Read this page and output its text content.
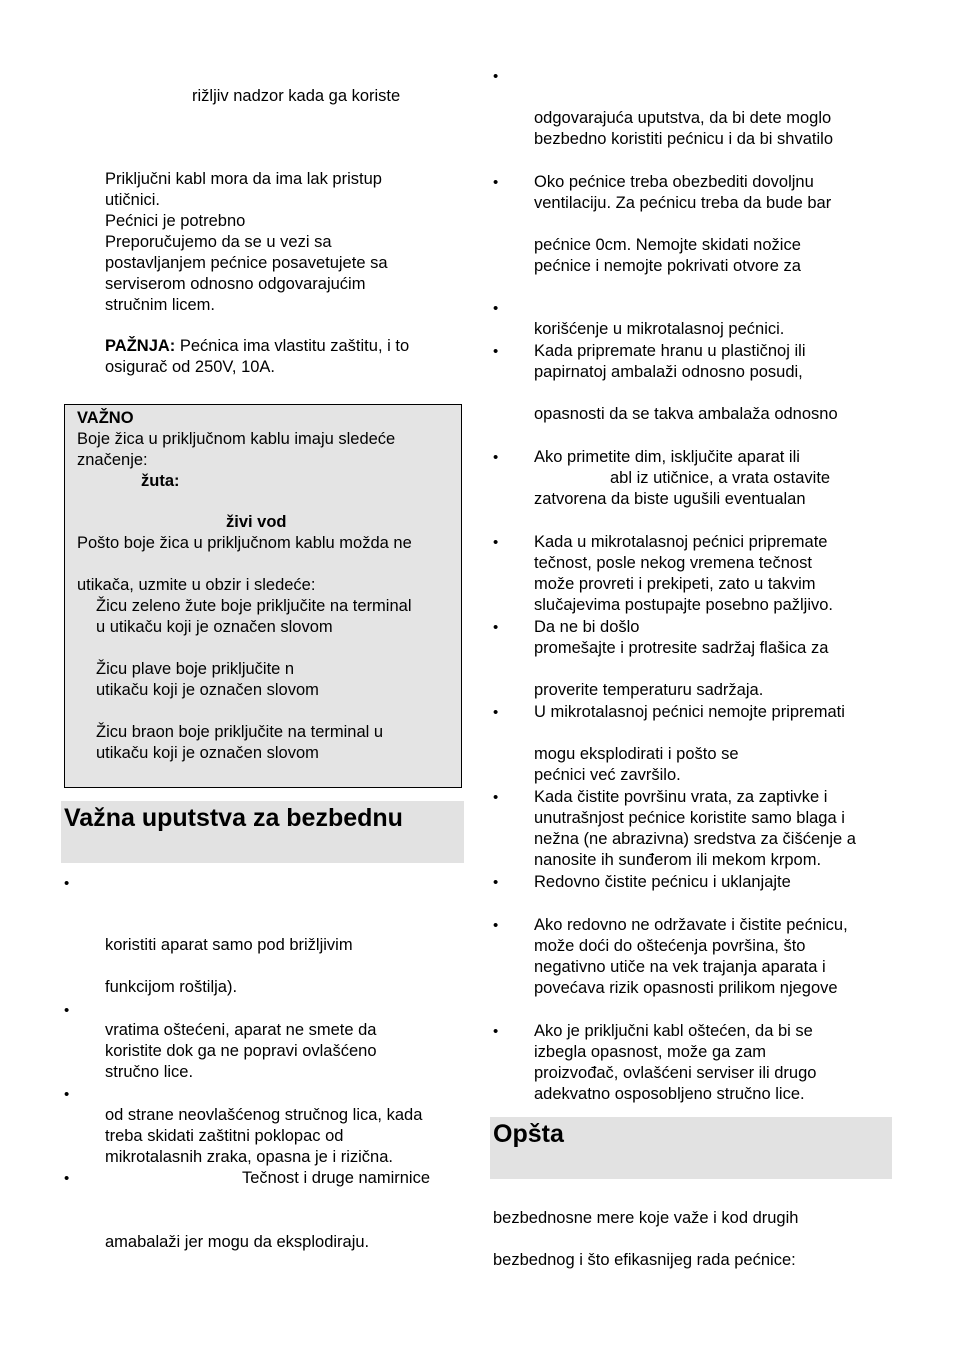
rižljiv nadzor kada ga koriste
Priključni kabl mora da ima lak pristup
utičnici.
Pećnici je potrebno
Preporučujemo da se u vezi sa
postavljanjem pećnice posavetujete sa
serviserom odnosno odgovarajućim
stručnim licem.
PAŽNJA: Pećnica ima vlastitu zaštitu, i to
osigurač od 250V, 10A.
VAŽNO
Boje žica u priključnom kablu imaju sledeće
značenje:
žuta:
živi vod
Pošto boje žica u priključnom kablu možda ne
utikača, uzmite u obzir i sledeće:
Žicu zeleno žute boje priključite na terminal
u utikaču koji je označen slovom
Žicu plave boje priključite n
utikaču koji je označen slovom
Žicu braon boje priključite na terminal u
utikaču koji je označen slovom
Važna uputstva za bezbednu
•
koristiti aparat samo pod brižljivim
funkcijom roštilja).
•
vratima oštećeni, aparat ne smete da
koristite dok ga ne popravi ovlašćeno
stručno lice.
•
od strane neovlašćenog stručnog lica, kada
treba skidati zaštitni poklopac od
mikrotalasnih zraka, opasna je i rizična.
•	Tečnost i druge namirnice
amabalaži jer mogu da eksplodiraju.
•
odgovarajuća uputstva, da bi dete moglo
bezbedno koristiti pećnicu i da bi shvatilo
• Oko pećnice treba obezbediti dovoljnu
ventilaciju. Za pećnicu treba da bude bar
pećnice 0cm. Nemojte skidati nožice
pećnice i nemojte pokrivati otvore za
•
korišćenje u mikrotalasnoj pećnici.
• Kada pripremate hranu u plastičnoj ili
papirnatoj ambalaži odnosno posudi,
opasnosti da se takva ambalaža odnosno
• Ako primetite dim, isključite aparat ili
abl iz utičnice, a vrata ostavite
zatvorena da biste ugušili eventualan
• Kada u mikrotalasnoj pećnici pripremate
tečnost, posle nekog vremena tečnost
može provreti i prekipeti, zato u takvim
slučajevima postupajte posebno pažljivo.
• Da ne bi došlo
promešajte i protresite sadržaj flašica za
proverite temperaturu sadržaja.
• U mikrotalasnoj pećnici nemojte pripremati
mogu eksplodirati i pošto se
pećnici već završilo.
• Kada čistite površinu vrata, za zaptivke i
unutrašnjost pećnice koristite samo blaga i
nežna (ne abrazivna) sredstva za čišćenje a
nanosite ih sunđerom ili mekom krpom.
• Redovno čistite pećnicu i uklanjajte
• Ako redovno ne održavate i čistite pećnicu,
može doći do oštećenja površina, što
negativno utiče na vek trajanja aparata i
povećava rizik opasnosti prilikom njegove
• Ako je priključni kabl oštećen, da bi se
izbegla opasnost, može ga zam
proizvođač, ovlašćeni serviser ili drugo
adekvatno osposobljeno stručno lice.
Opšta
bezbednosne mere koje važe i kod drugih
bezbednog i što efikasnijeg rada pećnice:
